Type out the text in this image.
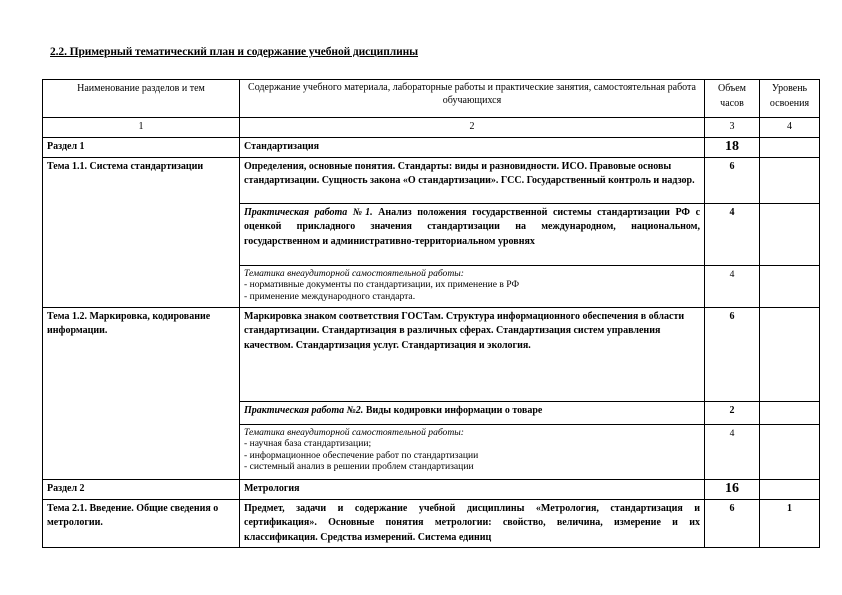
2.2. Примерный тематический план и содержание учебной дисциплины
Наименование разделов и тем	Содержание учебного материала, лабораторные работы и практические занятия, самостоятельная работа обучающихся	Объем часов	Уровень освоения
1	2	3	4
Раздел 1	Стандартизация	18	
Тема 1.1. Система стандартизации	Определения, основные понятия. Стандарты: виды и разновидности. ИСО. Правовые основы стандартизации. Сущность закона «О стандартизации». ГСС. Государственный контроль и надзор.	6	
	Практическая работа №1. Анализ положения государственной системы стандартизации РФ с оценкой прикладного значения стандартизации на международном, национальном, государственном и административно-территориальном уровнях	4	

	Тематика внеаудиторной самостоятельной работы:
- нормативные документы по стандартизации, их применение в РФ
- применение международного стандарта.	4	
Тема 1.2. Маркировка, кодирование информации.	Маркировка знаком соответствия ГОСТам. Структура информационного обеспечения в области стандартизации. Стандартизация в различных сферах. Стандартизация систем управления качеством. Стандартизация услуг. Стандартизация и экология.	6	
	Практическая работа №2. Виды кодировки информации о товаре	2	

	Тематика внеаудиторной самостоятельной работы:
- научная база стандартизации;
- информационное обеспечение работ по стандартизации
- системный анализ в решении проблем стандартизации	4	
Раздел 2	Метрология	16	
Тема 2.1. Введение. Общие сведения о метрологии.	Предмет, задачи и содержание учебной дисциплины «Метрология, стандартизация и сертификация». Основные понятия метрологии: свойство, величина, измерение и их классификация. Средства измерений. Система единиц	6	1
